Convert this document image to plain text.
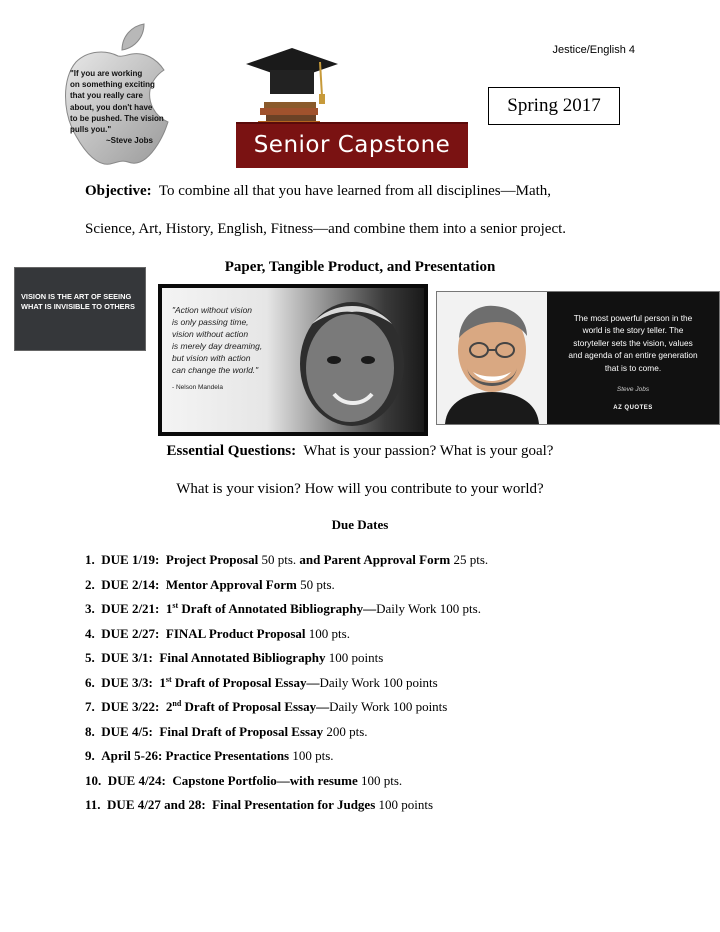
Jestice/English 4
Spring 2017
"If you are working
on something exciting
that you really care
about, you don't have
to be pushed. The vision
pulls you."
~Steve Jobs	Senior Capstone
Objective: To combine all that you have learned from all disciplines—Math,
Science, Art, History, English, Fitness—and combine them into a senior project.
Paper, Tangible Product, and Presentation
VISION IS THE ART OF SEEING
WHAT IS INVISIBLE TO OTHERS	"Action without vision
is only passing time,
vision without action
is merely day dreaming,
but vision with action
can change the world."
- Nelson Mandela
The most powerful person in the
world is the story teller. The
storyteller sets the vision, values
and agenda of an entire generation
that is to come.
Steve Jobs
AZ QUOTES
Essential Questions: What is your passion? What is your goal?
What is your vision? How will you contribute to your world?
Due Dates
1. DUE 1/19: Project Proposal 50 pts. and Parent Approval Form 25 pts.
2. DUE 2/14: Mentor Approval Form 50 pts.
3. DUE 2/21: 1st Draft of Annotated Bibliography—Daily Work 100 pts.
4. DUE 2/27: FINAL Product Proposal 100 pts.
5. DUE 3/1: Final Annotated Bibliography 100 points
6. DUE 3/3: 1st Draft of Proposal Essay—Daily Work 100 points
7. DUE 3/22: 2nd Draft of Proposal Essay—Daily Work 100 points
8. DUE 4/5: Final Draft of Proposal Essay 200 pts.
9. April 5-26: Practice Presentations 100 pts.
10. DUE 4/24: Capstone Portfolio—with resume 100 pts.
11. DUE 4/27 and 28: Final Presentation for Judges 100 points
